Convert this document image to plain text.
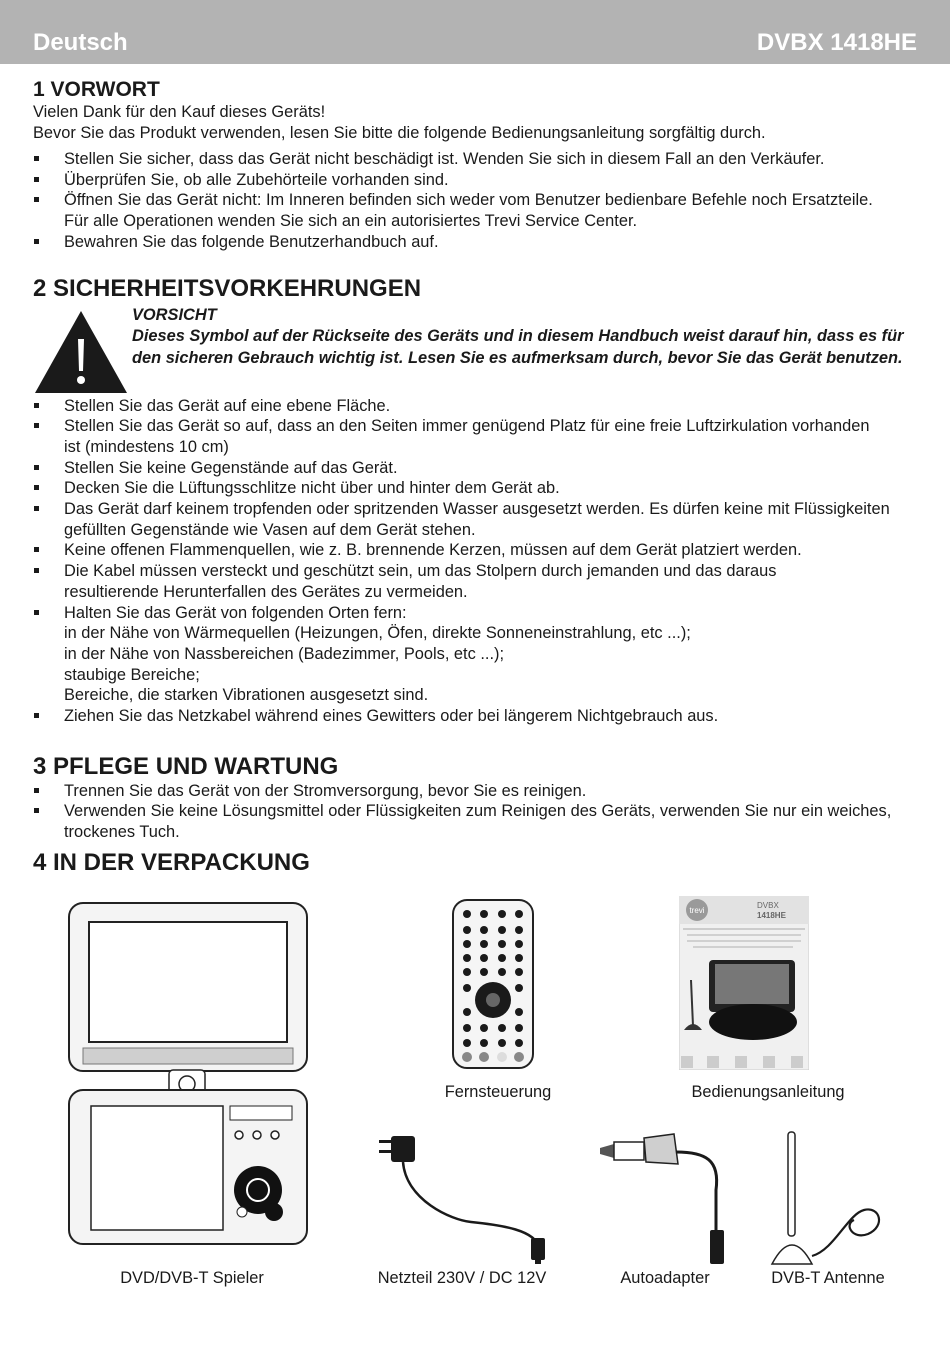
Deutsch	DVBX 1418HE
1 VORWORT
Vielen Dank für den Kauf dieses Geräts!
Bevor Sie das Produkt verwenden, lesen Sie bitte die folgende Bedienungsanleitung sorgfältig durch.
Stellen Sie sicher, dass das Gerät nicht beschädigt ist. Wenden Sie sich in diesem Fall an den Verkäufer.
Überprüfen Sie, ob alle Zubehörteile vorhanden sind.
Öffnen Sie das Gerät nicht: Im Inneren befinden sich weder vom Benutzer bedienbare Befehle noch Ersatzteile. Für alle Operationen wenden Sie sich an ein autorisiertes Trevi Service Center.
Bewahren Sie das folgende Benutzerhandbuch auf.
2 SICHERHEITSVORKEHRUNGEN
VORSICHT
Dieses Symbol auf der Rückseite des Geräts und in diesem Handbuch weist darauf hin, dass es für den sicheren Gebrauch wichtig ist. Lesen Sie es aufmerksam durch, bevor Sie das Gerät benutzen.
Stellen Sie das Gerät auf eine ebene Fläche.
Stellen Sie das Gerät so auf, dass an den Seiten immer genügend Platz für eine freie Luftzirkulation vorhanden ist (mindestens 10 cm)
Stellen Sie keine Gegenstände auf das Gerät.
Decken Sie die Lüftungsschlitze nicht über und hinter dem Gerät ab.
Das Gerät darf keinem tropfenden oder spritzenden Wasser ausgesetzt werden. Es dürfen keine mit Flüssigkeiten gefüllten Gegenstände wie Vasen auf dem Gerät stehen.
Keine offenen Flammenquellen, wie z. B. brennende Kerzen, müssen auf dem Gerät platziert werden.
Die Kabel müssen versteckt und geschützt sein, um das Stolpern durch jemanden und das daraus resultierende Herunterfallen des Gerätes zu vermeiden.
Halten Sie das Gerät von folgenden Orten fern:
in der Nähe von Wärmequellen (Heizungen, Öfen, direkte Sonneneinstrahlung, etc ...);
in der Nähe von Nassbereichen (Badezimmer, Pools, etc ...);
staubige Bereiche;
Bereiche, die starken Vibrationen ausgesetzt sind.
Ziehen Sie das Netzkabel während eines Gewitters oder bei längerem Nichtgebrauch aus.
3 PFLEGE UND WARTUNG
Trennen Sie das Gerät von der Stromversorgung, bevor Sie es reinigen.
Verwenden Sie keine Lösungsmittel oder Flüssigkeiten zum Reinigen des Geräts, verwenden Sie nur ein weiches, trockenes Tuch.
4 IN DER VERPACKUNG
DVD/DVB-T Spieler
Fernsteuerung
trevi
DVBX
1418HE
Bedienungsanleitung
Netzteil 230V / DC 12V	Autoadapter	DVB-T Antenne
